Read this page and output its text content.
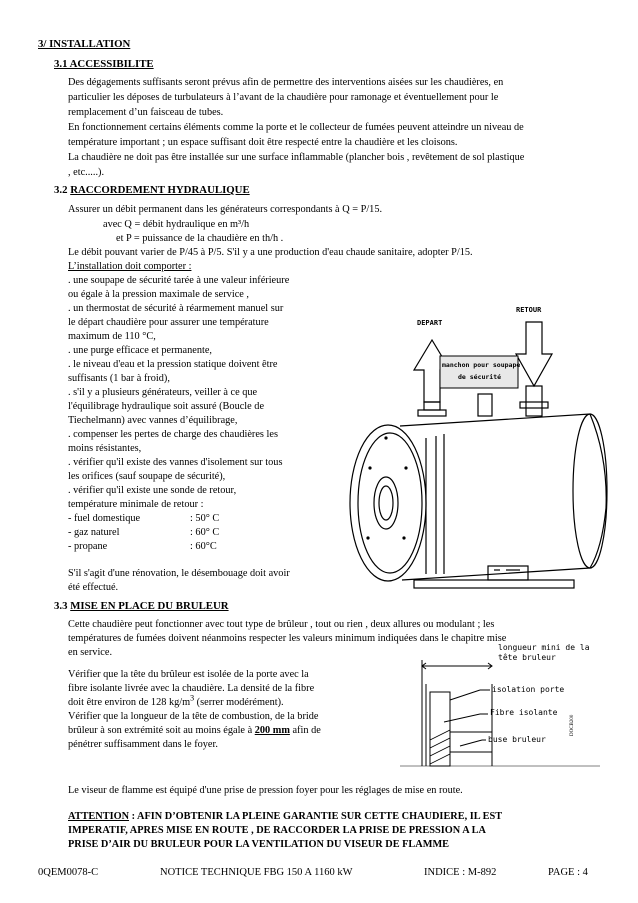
3/ INSTALLATION
3.1 ACCESSIBILITE
Des dégagements suffisants seront prévus afin de permettre des interventions aisées sur les chaudières, en
particulier les déposes de turbulateurs à l’avant de la chaudière pour ramonage et éventuellement pour le
remplacement d’un faisceau de tubes.
En fonctionnement certains éléments comme la porte et le collecteur de fumées peuvent atteindre un niveau de
température important ; un espace suffisant doit être respecté entre la chaudière et les cloisons.
La chaudière ne doit pas être installée sur une surface inflammable (plancher bois , revêtement de sol plastique
, etc.....).
3.2 RACCORDEMENT HYDRAULIQUE
Assurer un débit permanent dans les générateurs correspondants à Q = P/15.
avec Q = débit hydraulique en m³/h
et P = puissance de la chaudière en th/h .
Le débit pouvant varier de P/45 à P/5. S'il y a une production d'eau chaude sanitaire, adopter P/15.
L’installation doit comporter :
. une soupape de sécurité tarée à une valeur inférieure
ou égale à la pression maximale de service ,
. un thermostat de sécurité à réarmement manuel sur
le départ chaudière pour assurer une température
maximum de 110 °C,
. une purge efficace et permanente,
. le niveau d'eau et la pression statique doivent être
suffisants (1 bar à froid),
. s'il y a plusieurs générateurs, veiller à ce que
l'équilibrage hydraulique soit assuré (Boucle de
Tiechelmann) avec vannes d’équilibrage,
. compenser les pertes de charge des chaudières les
moins résistantes,
. vérifier qu'il existe des vannes d'isolement sur tous
les orifices (sauf soupape de sécurité),
. vérifier qu'il existe une sonde de retour,
température minimale de retour :
- fuel domestique	: 50° C
- gaz naturel	: 60° C
- propane	: 60°C
S'il s'agit d'une rénovation, le désembouage doit avoir
été effectué.
DEPART
RETOUR
manchon pour soupape
de sécurité
3.3 MISE EN PLACE DU BRULEUR
Cette chaudière peut fonctionner avec tout type de brûleur , tout ou rien , deux allures ou modulant ; les
températures de fumées doivent néanmoins respecter les valeurs minimum indiquées dans le chapitre mise
en service.
Vérifier que la tête du brûleur est isolée de la porte avec la
fibre isolante livrée avec la chaudière. La densité de la fibre
doit être environ de 128 $kg/m^3$ (serrer modérément).
Vérifier que la longueur de la tête de combustion, de la bride
brûleur à son extrémité soit au moins égale à 200 mm afin de
pénétrer suffisamment dans le foyer.
longueur mini de la
tête bruleur
isolation porte
Fibre isolante
buse bruleur
DOCB200
Le viseur de flamme est équipé d'une prise de pression foyer pour les réglages de mise en route.
ATTENTION : AFIN D’OBTENIR LA PLEINE GARANTIE SUR CETTE CHAUDIERE, IL EST
IMPERATIF, APRES MISE EN ROUTE , DE RACCORDER LA PRISE DE PRESSION A LA
PRISE D’AIR DU BRULEUR POUR LA VENTILATION DU VISEUR DE FLAMME
0QEM0078-C	NOTICE TECHNIQUE FBG 150 A 1160 kW	INDICE : M-892	PAGE : 4
